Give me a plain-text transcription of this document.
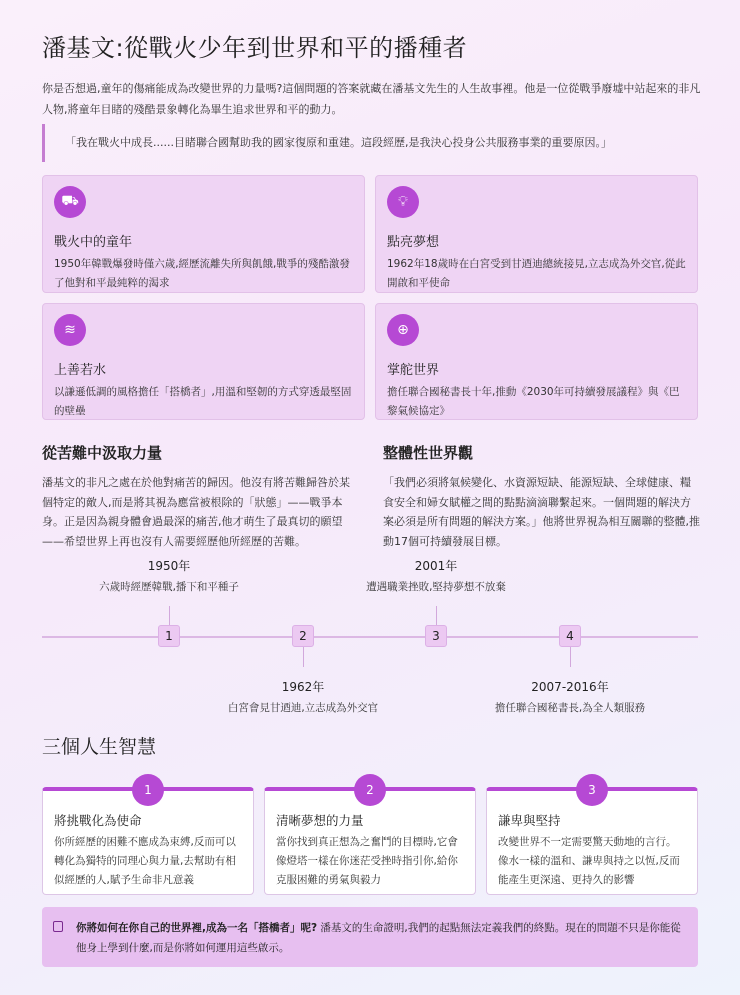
潘基文:從戰火少年到世界和平的播種者

你是否想過,童年的傷痛能成為改變世界的力量嗎?這個問題的答案就藏在潘基文先生的人生故事裡。他是一位從戰爭廢墟中站起來的非凡人物,將童年目睹的殘酷景象轉化為畢生追求世界和平的動力。

「我在戰火中成長......目睹聯合國幫助我的國家復原和重建。這段經歷,是我決心投身公共服務事業的重要原因。」
⛟
戰火中的童年

1950年韓戰爆發時僅六歲,經歷流離失所與飢餓,戰爭的殘酷激發了他對和平最純粹的渴求

💡︎
點亮夢想

1962年18歲時在白宮受到甘迺迪總統接見,立志成為外交官,從此開啟和平使命

≋
上善若水

以謙遜低調的風格擔任「搭橋者」,用溫和堅韌的方式穿透最堅固的壁壘

⊕
掌舵世界

擔任聯合國秘書長十年,推動《2030年可持續發展議程》與《巴黎氣候協定》

從苦難中汲取力量

潘基文的非凡之處在於他對痛苦的歸因。他沒有將苦難歸咎於某個特定的敵人,而是將其視為應當被根除的「狀態」——戰爭本身。正是因為親身體會過最深的痛苦,他才萌生了最真切的願望——希望世界上再也沒有人需要經歷他所經歷的苦難。

整體性世界觀

「我們必須將氣候變化、水資源短缺、能源短缺、全球健康、糧食安全和婦女賦權之間的點點滴滴聯繫起來。一個問題的解決方案必須是所有問題的解決方案。」他將世界視為相互關聯的整體,推動17個可持續發展目標。

1	2	3	4
1950年
六歲時經歷韓戰,播下和平種子
1962年
白宮會見甘迺迪,立志成為外交官
2001年
遭遇職業挫敗,堅持夢想不放棄
2007-2016年
擔任聯合國秘書長,為全人類服務
三個人生智慧
1
將挑戰化為使命

你所經歷的困難不應成為束縛,反而可以轉化為獨特的同理心與力量,去幫助有相似經歷的人,賦予生命非凡意義

2
清晰夢想的力量

當你找到真正想為之奮鬥的目標時,它會像燈塔一樣在你迷茫受挫時指引你,給你克服困難的勇氣與毅力

3
謙卑與堅持

改變世界不一定需要驚天動地的言行。像水一樣的溫和、謙卑與持之以恆,反而能產生更深遠、更持久的影響

你將如何在你自己的世界裡,成為一名「搭橋者」呢? 潘基文的生命證明,我們的起點無法定義我們的終點。現在的問題不只是你能從他身上學到什麼,而是你將如何運用這些啟示。
